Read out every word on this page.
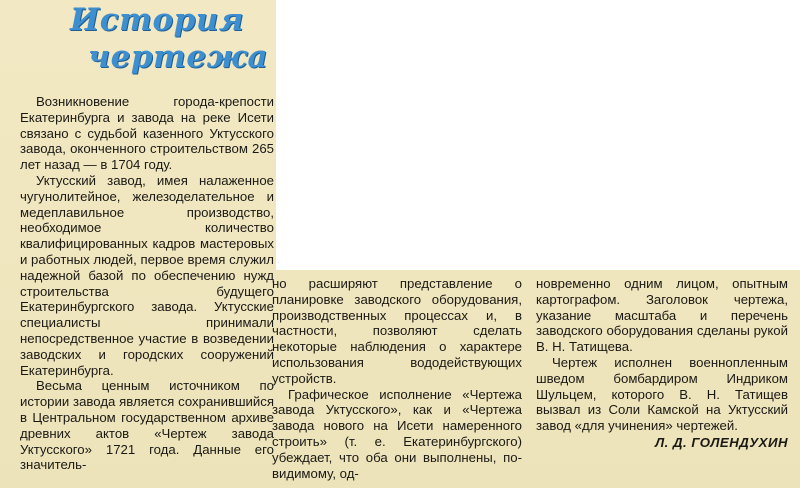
История
чертежа

Возникновение города-крепости Екатеринбурга и завода на реке Исети связано с судьбой казенного Уктусского завода, оконченного строительством 265 лет назад — в 1704 году.

Уктусский завод, имея налаженное чугунолитейное, железоделательное и медеплавильное производство, необходимое количество квалифицированных кадров мастеровых и работных людей, первое время служил надежной базой по обеспечению нужд строительства будущего Екатеринбургского завода. Уктусские специалисты принимали непосредственное участие в возведении заводских и городских сооружений Екатеринбурга.

Весьма ценным источником по истории завода является сохранившийся в Центральном государственном архиве древних актов «Чертеж завода Уктусского» 1721 года. Данные его значитель-

но расширяют представление о планировке заводского оборудования, производственных процессах и, в частности, позволяют сделать некоторые наблюдения о характере использования вододействующих устройств.

Графическое исполнение «Чертежа завода Уктусского», как и «Чертежа завода нового на Исети намеренного строить» (т. е. Екатеринбургского) убеждает, что оба они выполнены, по-видимому, од-

новременно одним лицом, опытным картографом. Заголовок чертежа, указание масштаба и перечень заводского оборудования сделаны рукой В. Н. Татищева.

Чертеж исполнен военнопленным шведом бомбардиром Индриком Шульцем, которого В. Н. Татищев вызвал из Соли Камской на Уктусский завод «для учинения» чертежей.

Л. Д. ГОЛЕНДУХИН
